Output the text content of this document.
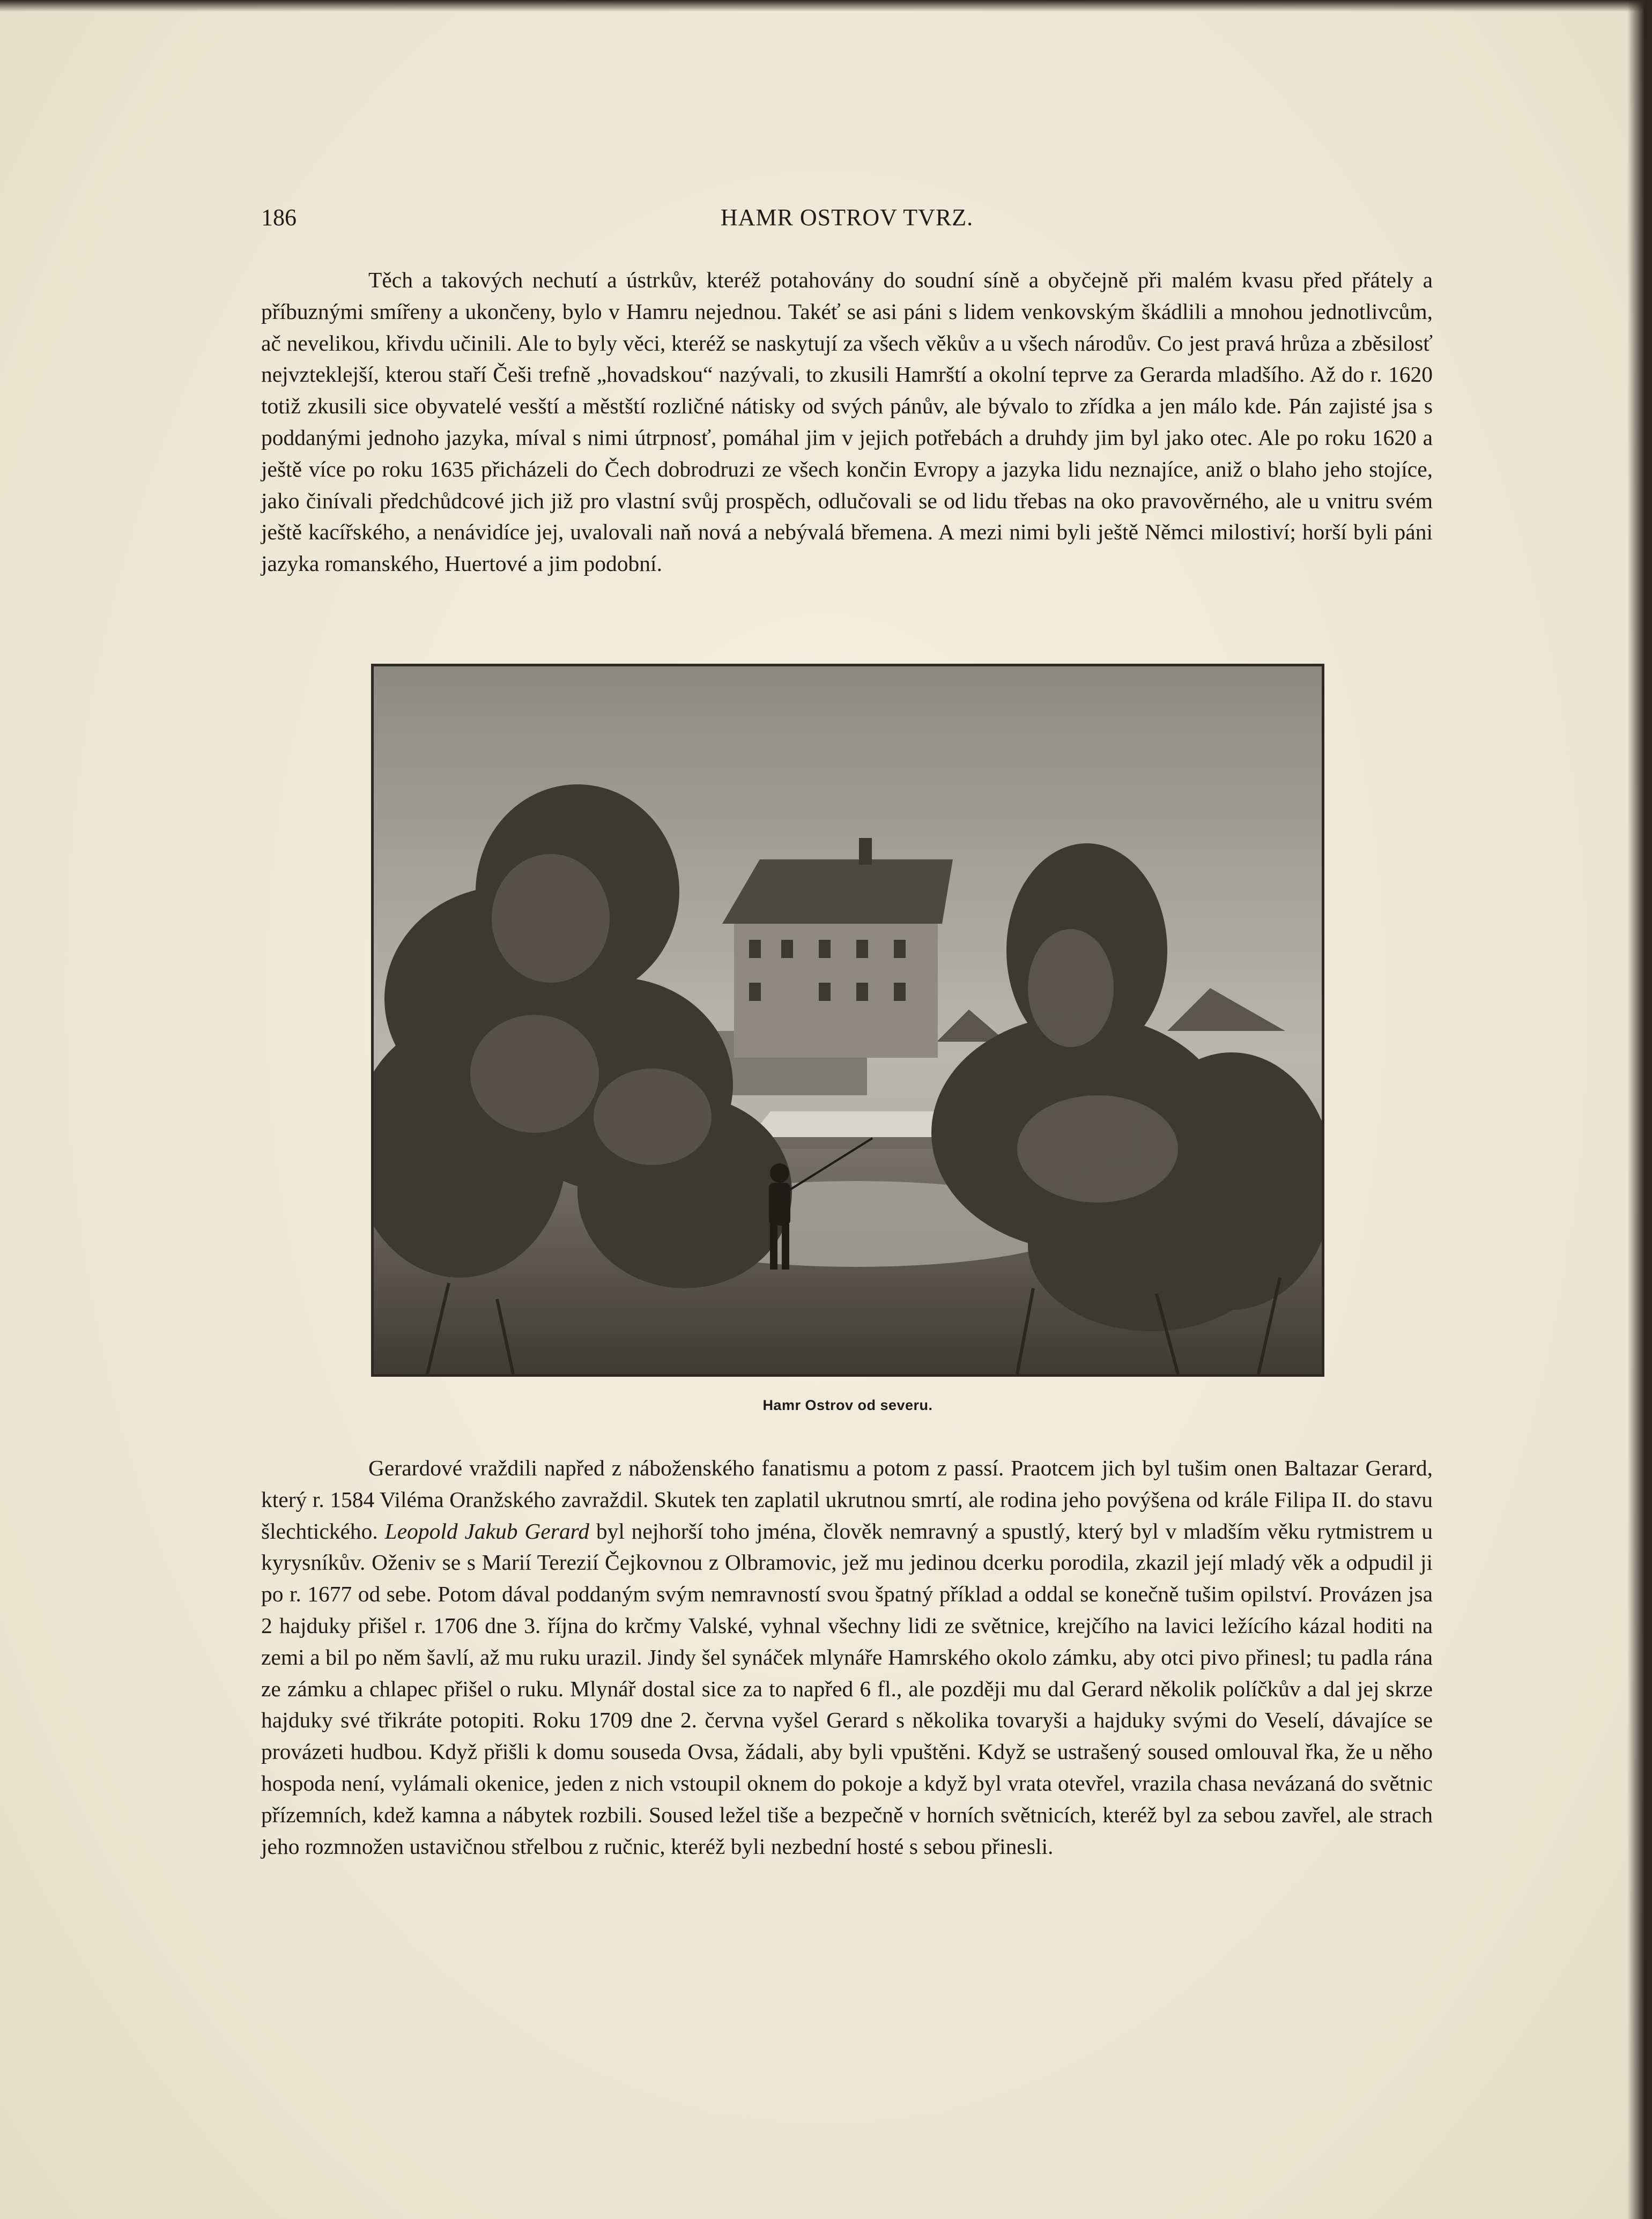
186	HAMR OSTROV TVRZ.

Těch a takových nechutí a ústrkův, kteréž potahovány do soudní síně a obyčejně při malém kvasu před přátely a příbuznými smířeny a ukončeny, bylo v Hamru nejednou. Takéť se asi páni s lidem venkovským škádlili a mnohou jednotlivcům, ač nevelikou, křivdu učinili. Ale to byly věci, kteréž se naskytují za všech věkův a u všech národův. Co jest pravá hrůza a zběsilosť nejvzteklejší, kterou staří Češi trefně „hovadskou“ nazývali, to zkusili Hamrští a okolní teprve za Gerarda mladšího. Až do r. 1620 totiž zkusili sice obyvatelé vesští a městští rozličné nátisky od svých pánův, ale bývalo to zřídka a jen málo kde. Pán zajisté jsa s poddanými jednoho jazyka, míval s nimi útrpnosť, pomáhal jim v jejich potřebách a druhdy jim byl jako otec. Ale po roku 1620 a ještě více po roku 1635 přicházeli do Čech dobrodruzi ze všech končin Evropy a jazyka lidu neznajíce, aniž o blaho jeho stojíce, jako činívali předchůdcové jich již pro vlastní svůj prospěch, odlučovali se od lidu třebas na oko pravověrného, ale u vnitru svém ještě kacířského, a nenávidíce jej, uvalovali naň nová a nebývalá břemena. A mezi nimi byli ještě Němci milostiví; horší byli páni jazyka romanského, Huertové a jim podobní.

Hamr Ostrov od severu.

Gerardové vraždili napřed z náboženského fanatismu a potom z passí. Praotcem jich byl tušim onen Baltazar Gerard, který r. 1584 Viléma Oranžského zavraždil. Skutek ten zaplatil ukrutnou smrtí, ale rodina jeho povýšena od krále Filipa II. do stavu šlechtického. Leopold Jakub Gerard byl nejhorší toho jména, člověk nemravný a spustlý, který byl v mladším věku rytmistrem u kyrysníkův. Oženiv se s Marií Terezií Čejkovnou z Olbramovic, jež mu jedinou dcerku porodila, zkazil její mladý věk a odpudil ji po r. 1677 od sebe. Potom dával poddaným svým nemravností svou špatný příklad a oddal se konečně tušim opilství. Provázen jsa 2 hajduky přišel r. 1706 dne 3. října do krčmy Valské, vyhnal všechny lidi ze světnice, krejčího na lavici ležícího kázal hoditi na zemi a bil po něm šavlí, až mu ruku urazil. Jindy šel synáček mlynáře Hamrského okolo zámku, aby otci pivo přinesl; tu padla rána ze zámku a chlapec přišel o ruku. Mlynář dostal sice za to napřed 6 fl., ale později mu dal Gerard několik políčkův a dal jej skrze hajduky své třikráte potopiti. Roku 1709 dne 2. června vyšel Gerard s několika tovaryši a hajduky svými do Veselí, dávajíce se provázeti hudbou. Když přišli k domu souseda Ovsa, žádali, aby byli vpuštěni. Když se ustrašený soused omlouval řka, že u něho hospoda není, vylámali okenice, jeden z nich vstoupil oknem do pokoje a když byl vrata otevřel, vrazila chasa nevázaná do světnic přízemních, kdež kamna a nábytek rozbili. Soused ležel tiše a bezpečně v horních světnicích, kteréž byl za sebou zavřel, ale strach jeho rozmnožen ustavičnou střelbou z ručnic, kteréž byli nezbední hosté s sebou přinesli.
